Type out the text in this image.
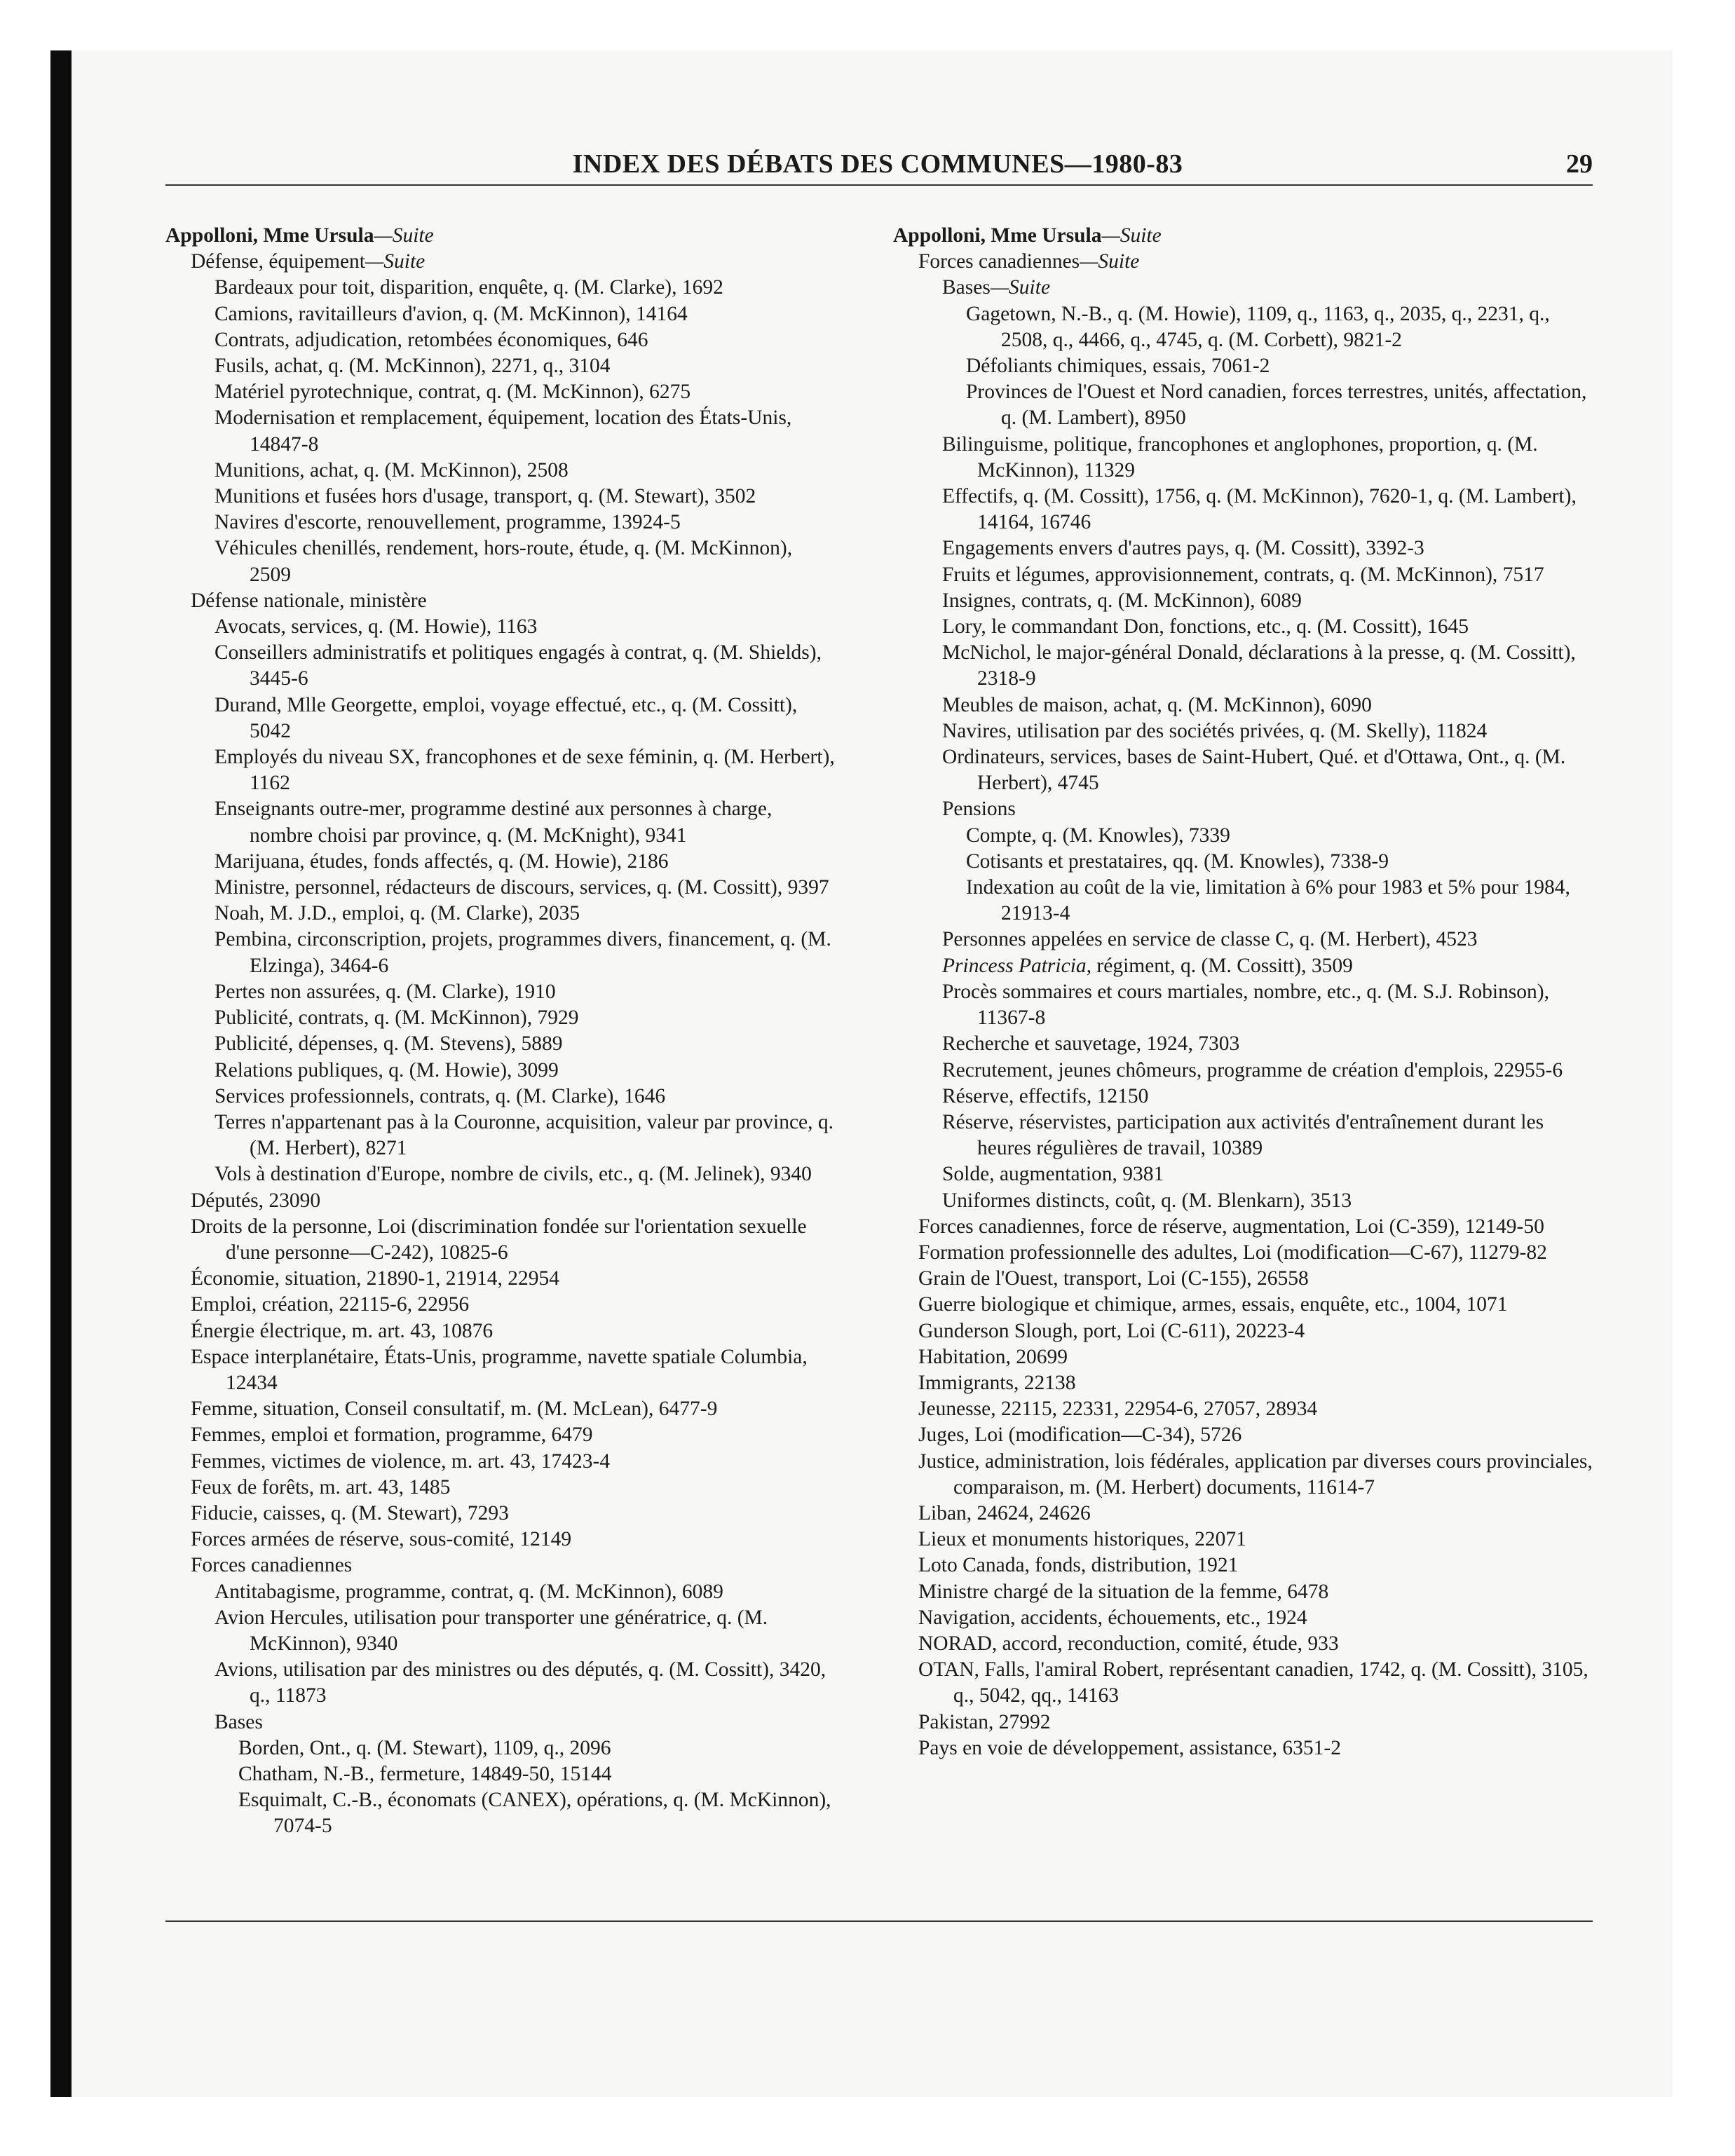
INDEX DES DÉBATS DES COMMUNES—1980-83	29

Appolloni, Mme Ursula—Suite

Défense, équipement—Suite

Bardeaux pour toit, disparition, enquête, q. (M. Clarke), 1692

Camions, ravitailleurs d'avion, q. (M. McKinnon), 14164

Contrats, adjudication, retombées économiques, 646

Fusils, achat, q. (M. McKinnon), 2271, q., 3104

Matériel pyrotechnique, contrat, q. (M. McKinnon), 6275

Modernisation et remplacement, équipement, location des États-Unis, 14847-8

Munitions, achat, q. (M. McKinnon), 2508

Munitions et fusées hors d'usage, transport, q. (M. Stewart), 3502

Navires d'escorte, renouvellement, programme, 13924-5

Véhicules chenillés, rendement, hors-route, étude, q. (M. McKinnon), 2509

Défense nationale, ministère

Avocats, services, q. (M. Howie), 1163

Conseillers administratifs et politiques engagés à contrat, q. (M. Shields), 3445-6

Durand, Mlle Georgette, emploi, voyage effectué, etc., q. (M. Cossitt), 5042

Employés du niveau SX, francophones et de sexe féminin, q. (M. Herbert), 1162

Enseignants outre-mer, programme destiné aux personnes à charge, nombre choisi par province, q. (M. McKnight), 9341

Marijuana, études, fonds affectés, q. (M. Howie), 2186

Ministre, personnel, rédacteurs de discours, services, q. (M. Cossitt), 9397

Noah, M. J.D., emploi, q. (M. Clarke), 2035

Pembina, circonscription, projets, programmes divers, financement, q. (M. Elzinga), 3464-6

Pertes non assurées, q. (M. Clarke), 1910

Publicité, contrats, q. (M. McKinnon), 7929

Publicité, dépenses, q. (M. Stevens), 5889

Relations publiques, q. (M. Howie), 3099

Services professionnels, contrats, q. (M. Clarke), 1646

Terres n'appartenant pas à la Couronne, acquisition, valeur par province, q. (M. Herbert), 8271

Vols à destination d'Europe, nombre de civils, etc., q. (M. Jelinek), 9340

Députés, 23090

Droits de la personne, Loi (discrimination fondée sur l'orientation sexuelle d'une personne—C-242), 10825-6

Économie, situation, 21890-1, 21914, 22954

Emploi, création, 22115-6, 22956

Énergie électrique, m. art. 43, 10876

Espace interplanétaire, États-Unis, programme, navette spatiale Columbia, 12434

Femme, situation, Conseil consultatif, m. (M. McLean), 6477-9

Femmes, emploi et formation, programme, 6479

Femmes, victimes de violence, m. art. 43, 17423-4

Feux de forêts, m. art. 43, 1485

Fiducie, caisses, q. (M. Stewart), 7293

Forces armées de réserve, sous-comité, 12149

Forces canadiennes

Antitabagisme, programme, contrat, q. (M. McKinnon), 6089

Avion Hercules, utilisation pour transporter une génératrice, q. (M. McKinnon), 9340

Avions, utilisation par des ministres ou des députés, q. (M. Cossitt), 3420, q., 11873

Bases

Borden, Ont., q. (M. Stewart), 1109, q., 2096

Chatham, N.-B., fermeture, 14849-50, 15144

Esquimalt, C.-B., économats (CANEX), opérations, q. (M. McKinnon), 7074-5

Appolloni, Mme Ursula—Suite

Forces canadiennes—Suite

Bases—Suite

Gagetown, N.-B., q. (M. Howie), 1109, q., 1163, q., 2035, q., 2231, q., 2508, q., 4466, q., 4745, q. (M. Corbett), 9821-2

Défoliants chimiques, essais, 7061-2

Provinces de l'Ouest et Nord canadien, forces terrestres, unités, affectation, q. (M. Lambert), 8950

Bilinguisme, politique, francophones et anglophones, proportion, q. (M. McKinnon), 11329

Effectifs, q. (M. Cossitt), 1756, q. (M. McKinnon), 7620-1, q. (M. Lambert), 14164, 16746

Engagements envers d'autres pays, q. (M. Cossitt), 3392-3

Fruits et légumes, approvisionnement, contrats, q. (M. McKinnon), 7517

Insignes, contrats, q. (M. McKinnon), 6089

Lory, le commandant Don, fonctions, etc., q. (M. Cossitt), 1645

McNichol, le major-général Donald, déclarations à la presse, q. (M. Cossitt), 2318-9

Meubles de maison, achat, q. (M. McKinnon), 6090

Navires, utilisation par des sociétés privées, q. (M. Skelly), 11824

Ordinateurs, services, bases de Saint-Hubert, Qué. et d'Ottawa, Ont., q. (M. Herbert), 4745

Pensions

Compte, q. (M. Knowles), 7339

Cotisants et prestataires, qq. (M. Knowles), 7338-9

Indexation au coût de la vie, limitation à 6% pour 1983 et 5% pour 1984, 21913-4

Personnes appelées en service de classe C, q. (M. Herbert), 4523

Princess Patricia, régiment, q. (M. Cossitt), 3509

Procès sommaires et cours martiales, nombre, etc., q. (M. S.J. Robinson), 11367-8

Recherche et sauvetage, 1924, 7303

Recrutement, jeunes chômeurs, programme de création d'emplois, 22955-6

Réserve, effectifs, 12150

Réserve, réservistes, participation aux activités d'entraînement durant les heures régulières de travail, 10389

Solde, augmentation, 9381

Uniformes distincts, coût, q. (M. Blenkarn), 3513

Forces canadiennes, force de réserve, augmentation, Loi (C-359), 12149-50

Formation professionnelle des adultes, Loi (modification—C-67), 11279-82

Grain de l'Ouest, transport, Loi (C-155), 26558

Guerre biologique et chimique, armes, essais, enquête, etc., 1004, 1071

Gunderson Slough, port, Loi (C-611), 20223-4

Habitation, 20699

Immigrants, 22138

Jeunesse, 22115, 22331, 22954-6, 27057, 28934

Juges, Loi (modification—C-34), 5726

Justice, administration, lois fédérales, application par diverses cours provinciales, comparaison, m. (M. Herbert) documents, 11614-7

Liban, 24624, 24626

Lieux et monuments historiques, 22071

Loto Canada, fonds, distribution, 1921

Ministre chargé de la situation de la femme, 6478

Navigation, accidents, échouements, etc., 1924

NORAD, accord, reconduction, comité, étude, 933

OTAN, Falls, l'amiral Robert, représentant canadien, 1742, q. (M. Cossitt), 3105, q., 5042, qq., 14163

Pakistan, 27992

Pays en voie de développement, assistance, 6351-2
